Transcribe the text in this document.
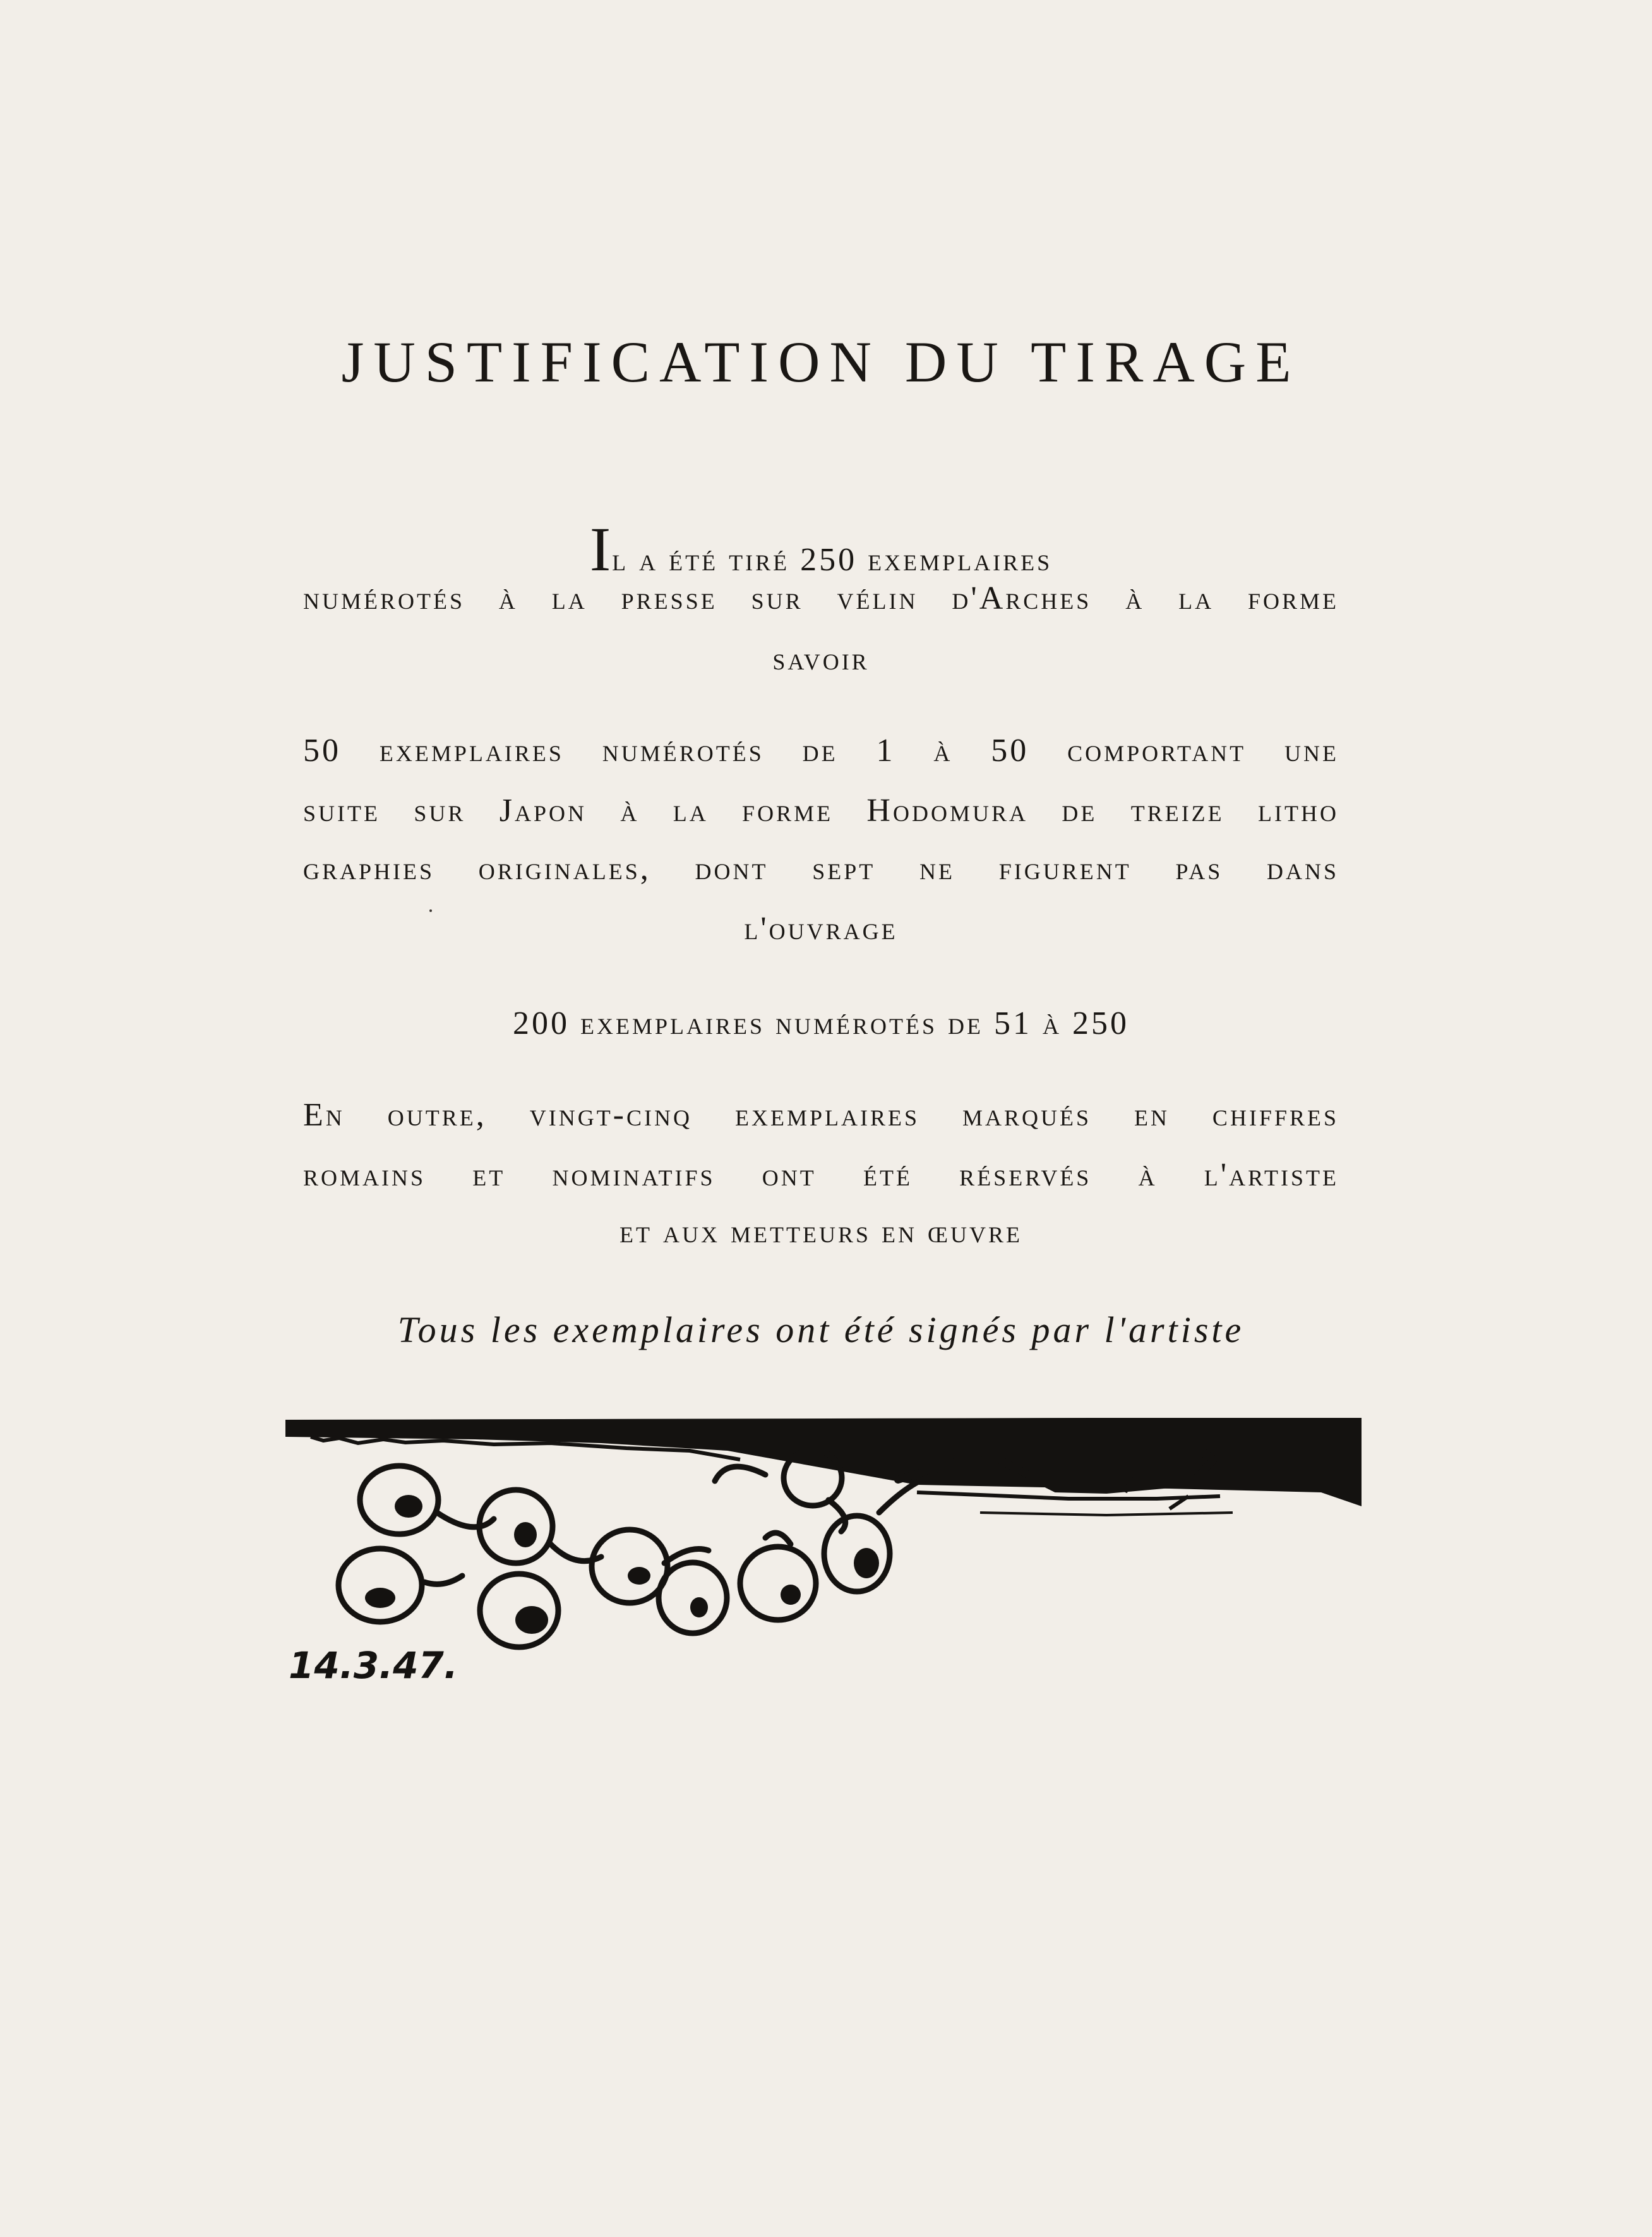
JUSTIFICATION DU TIRAGE
Il a été tiré 250 exemplaires
numérotés à la presse sur vélin d'Arches à la forme
savoir
50 exemplaires numérotés de 1 à 50 comportant une
suite sur Japon à la forme Hodomura de treize litho
graphies originales, dont sept ne figurent pas dans
l'ouvrage
200 exemplaires numérotés de 51 à 250
En outre, vingt-cinq exemplaires marqués en chiffres
romains et nominatifs ont été réservés à l'artiste
et aux metteurs en œuvre
Tous les exemplaires ont été signés par l'artiste
14.3.47.
